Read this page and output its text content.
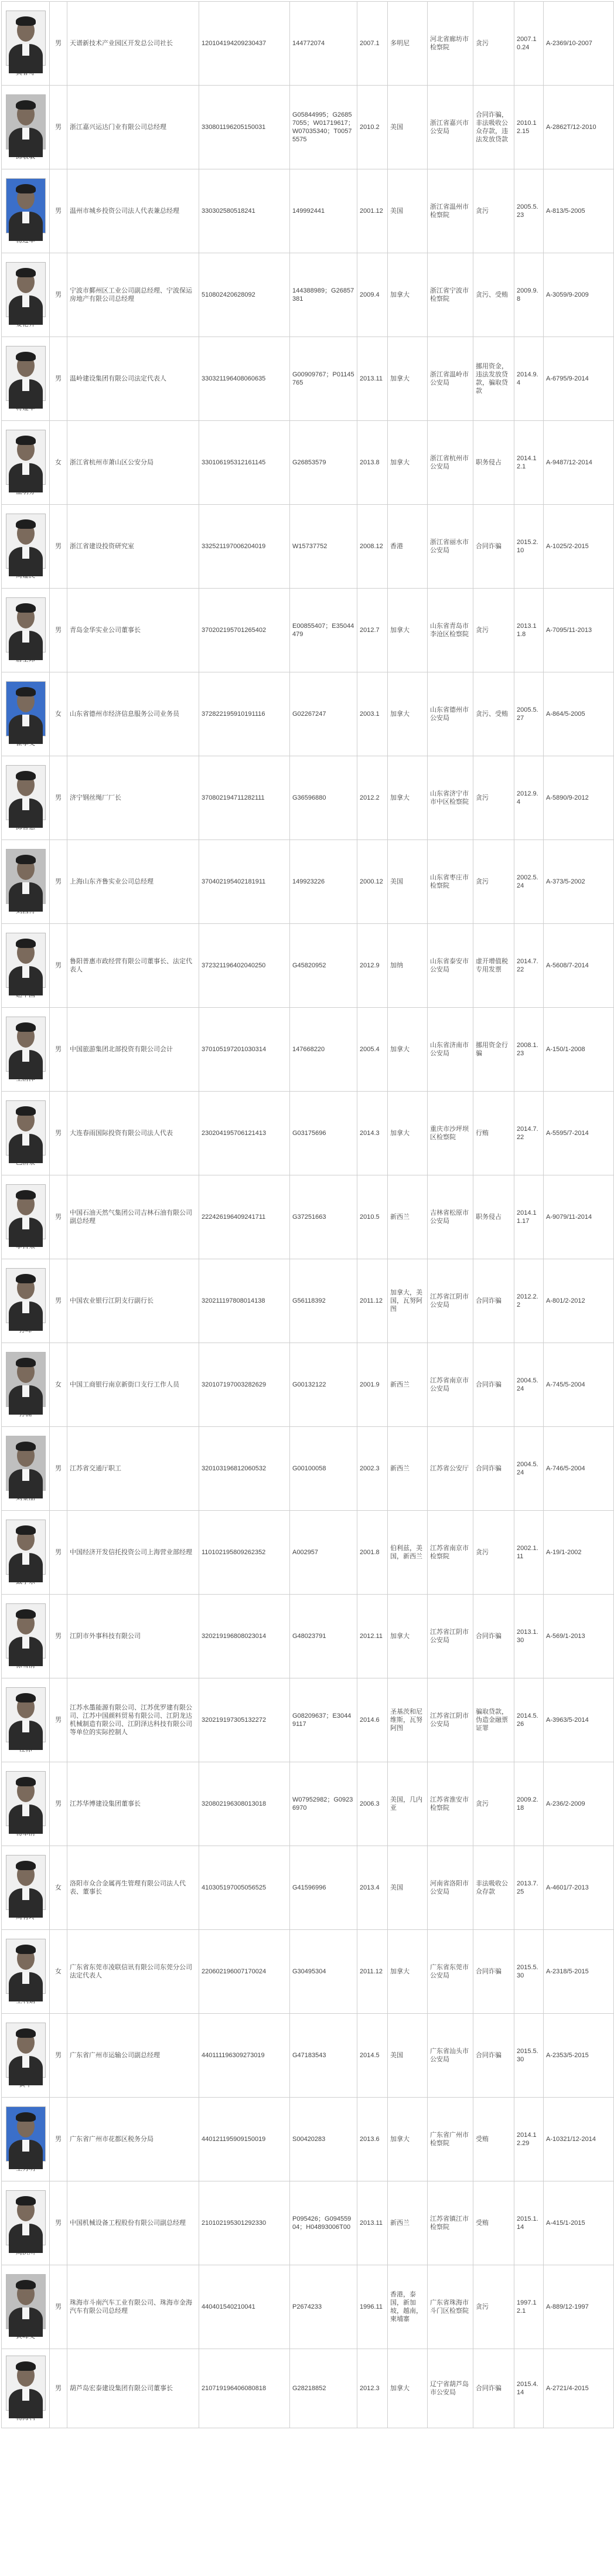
	男	天谱新技术产业园区开发总公司社长	120104194209230437	144772074	2007.1	多明尼	河北省廊坊市检察院	贪污	2007.10.24	A-2369/10-2007

	男	浙江嘉兴运达门业有限公司总经理	330801196205150031	G05844995；G26857055；W01719617；W07035340；T00575575	2010.2	美国	浙江省嘉兴市公安局	合同诈骗，非法吸收公众存款，违法发放贷款	2010.12.15	A-2862T/12-2010

	男	温州市城乡投资公司法人代表兼总经理	330302580518241	149992441	2001.12	美国	浙江省温州市检察院	贪污	2005.5.23	A-813/5-2005

	男	宁波市鄞州区工业公司副总经理、宁波保运房地产有限公司总经理	510802420628092	144388989；G26857381	2009.4	加拿大	浙江省宁波市检察院	贪污、受贿	2009.9.8	A-3059/9-2009

	男	温岭建设集团有限公司法定代表人	330321196408060635	G00909767；P01145765	2013.11	加拿大	浙江省温岭市公安局	挪用资金，违法发放贷款，骗取贷款	2014.9.4	A-6795/9-2014

	女	浙江省杭州市萧山区公安分局	330106195312161145	G26853579	2013.8	加拿大	浙江省杭州市公安局	职务侵占	2014.12.1	A-9487/12-2014

	男	浙江省建设投资研究室	332521197006204019	W15737752	2008.12	香港	浙江省丽水市公安局	合同诈骗	2015.2.10	A-1025/2-2015

	男	青岛金华实业公司董事长	370202195701265402	E00855407；E35044479	2012.7	加拿大	山东省青岛市李沧区检察院	贪污	2013.11.8	A-7095/11-2013

	女	山东省德州市经济信息服务公司业务员	372822195910191116	G02267247	2003.1	加拿大	山东省德州市公安局	贪污、受贿	2005.5.27	A-864/5-2005

	男	济宁钢丝绳厂厂长	370802194711282111	G36596880	2012.2	加拿大	山东省济宁市市中区检察院	贪污	2012.9.4	A-5890/9-2012

	男	上海山东齐鲁实业公司总经理	370402195402181911	149923226	2000.12	美国	山东省枣庄市检察院	贪污	2002.5.24	A-373/5-2002

	男	鲁阳普惠市政经营有限公司董事长、法定代表人	372321196402040250	G45820952	2012.9	加纳	山东省泰安市公安局	虚开增值税专用发票	2014.7.22	A-5608/7-2014

	男	中国旅游集团北部投资有限公司会计	370105197201030314	147668220	2005.4	加拿大	山东省济南市公安局	挪用资金行骗	2008.1.23	A-150/1-2008

	男	大连春雨国际投资有限公司法人代表	230204195706121413	G03175696	2014.3	加拿大	重庆市沙坪坝区检察院	行贿	2014.7.22	A-5595/7-2014

	男	中国石油天然气集团公司吉林石油有限公司副总经理	222426196409241711	G37251663	2010.5	新西兰	吉林省松原市公安局	职务侵占	2014.11.17	A-9079/11-2014

	男	中国农业银行江阴支行副行长	320211197808014138	G56118392	2011.12	加拿大，美国，瓦努阿图	江苏省江阴市公安局	合同诈骗	2012.2.2	A-801/2-2012

	女	中国工商银行南京新街口支行工作人员	320107197003282629	G00132122	2001.9	新西兰	江苏省南京市公安局	合同诈骗	2004.5.24	A-745/5-2004

	男	江苏省交通厅职工	320103196812060532	G00100058	2002.3	新西兰	江苏省公安厅	合同诈骗	2004.5.24	A-746/5-2004

	男	中国经济开发信托投资公司上海营业部经理	110102195809262352	A002957	2001.8	伯利兹，美国，新西兰	江苏省南京市检察院	贪污	2002.1.11	A-19/1-2002

	男	江阴市外事科技有限公司	320219196808023014	G48023791	2012.11	加拿大	江苏省江阴市公安局	合同诈骗	2013.1.30	A-569/1-2013

	男	江苏水墨能源有限公司、江苏优罗建有限公司、江苏中国颜料贸易有限公司、江阴龙达机械制造有限公司、江阴泽达科技有限公司等单位的实际控制人	320219197305132272	G08209637；E30449117	2014.6	圣基茨和尼维斯，瓦努阿图	江苏省江阴市公安局	骗取贷款，伪造金融票证罪	2014.5.26	A-3963/5-2014

	男	江苏华博建设集团董事长	320802196308013018	W07952982；G09236970	2006.3	美国，几内亚	江苏省淮安市检察院	贪污	2009.2.18	A-236/2-2009

	女	洛阳市众合金属再生管理有限公司法人代表、董事长	410305197005056525	G41596996	2013.4	美国	河南省洛阳市公安局	非法吸收公众存款	2013.7.25	A-4601/7-2013

	女	广东省东莞市凌联信讯有限公司东莞分公司法定代表人	220602196007170024	G30495304	2011.12	加拿大	广东省东莞市公安局	合同诈骗	2015.5.30	A-2318/5-2015

	男	广东省广州市运输公司副总经理	440111196309273019	G47183543	2014.5	美国	广东省汕头市公安局	合同诈骗	2015.5.30	A-2353/5-2015

	男	广东省广州市花都区税务分局	440121195909150019	S00420283	2013.6	加拿大	广东省广州市检察院	受贿	2014.12.29	A-10321/12-2014

	男	中国机械设备工程股份有限公司副总经理	210102195301292330	P095426；G09455904；H04893006T00	2013.11	新西兰	江苏省镇江市检察院	受贿	2015.1.14	A-415/1-2015

	男	珠海市斗南汽车工业有限公司、珠海市金海汽车有限公司总经理	440401540210041	P2674233	1996.11	香港，泰国，新加坡，越南，柬埔寨	广东省珠海市斗门区检察院	贪污	1997.12.1	A-889/12-1997

	男	葫芦岛宏泰建设集团有限公司董事长	210719196406080818	G28218852	2012.3	加拿大	辽宁省葫芦岛市公安局	合同诈骗	2015.4.14	A-2721/4-2015
